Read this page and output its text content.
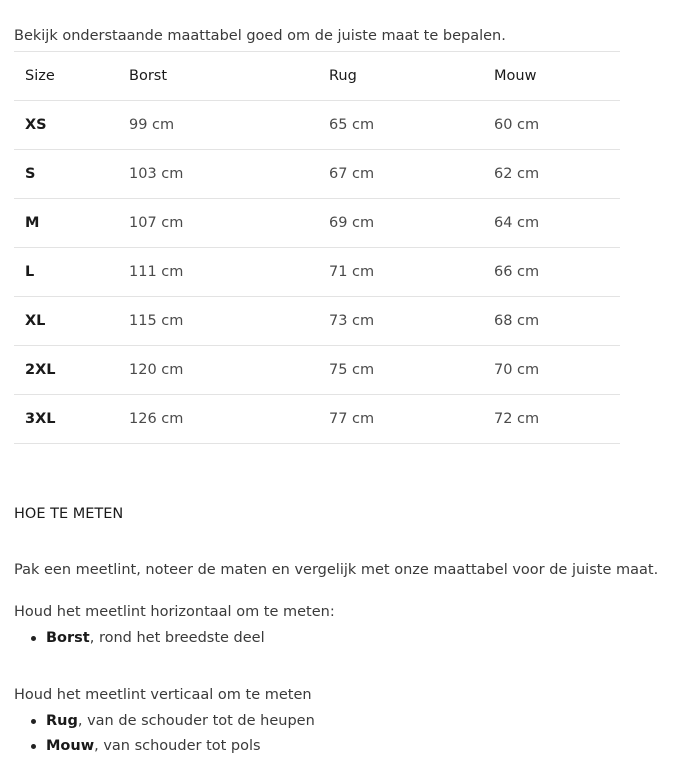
Bekijk onderstaande maattabel goed om de juiste maat te bepalen.

Size	Borst	Rug	Mouw
XS	99 cm	65 cm	60 cm
S	103 cm	67 cm	62 cm
M	107 cm	69 cm	64 cm
L	111 cm	71 cm	66 cm
XL	115 cm	73 cm	68 cm
2XL	120 cm	75 cm	70 cm
3XL	126 cm	77 cm	72 cm
HOE TE METEN

Pak een meetlint, noteer de maten en vergelijk met onze maattabel voor de juiste maat.

Houd het meetlint horizontaal om te meten:

Borst, rond het breedste deel

Houd het meetlint verticaal om te meten

Rug, van de schouder tot de heupen
Mouw, van schouder tot pols
